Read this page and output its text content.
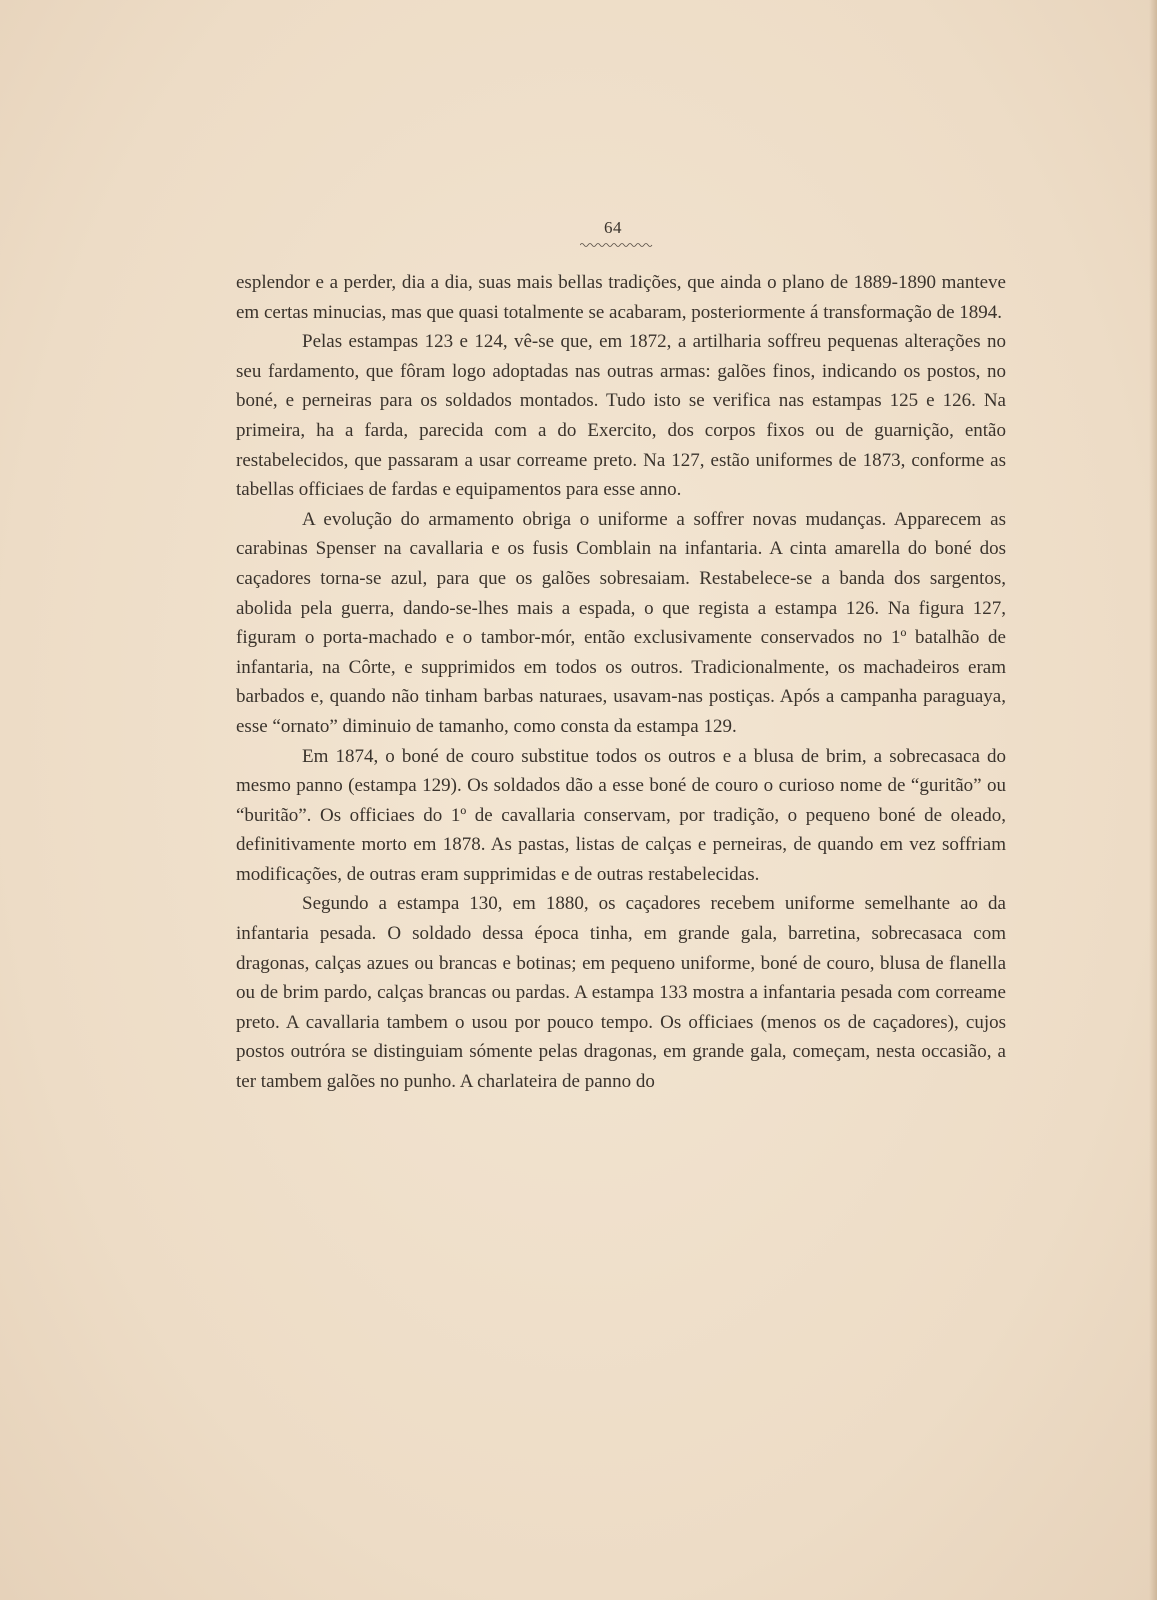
64

esplendor e a perder, dia a dia, suas mais bellas tradições, que ainda o plano de 1889-1890 manteve em certas minucias, mas que quasi totalmente se acabaram, posteriormente á transformação de 1894.

Pelas estampas 123 e 124, vê-se que, em 1872, a artilharia soffreu pequenas alterações no seu fardamento, que fôram logo adoptadas nas outras armas: galões finos, indicando os postos, no boné, e perneiras para os soldados montados. Tudo isto se verifica nas estampas 125 e 126. Na primeira, ha a farda, parecida com a do Exercito, dos corpos fixos ou de guarnição, então restabelecidos, que passaram a usar correame preto. Na 127, estão uniformes de 1873, conforme as tabellas officiaes de fardas e equipamentos para esse anno.

A evolução do armamento obriga o uniforme a soffrer novas mudanças. Apparecem as carabinas Spenser na cavallaria e os fusis Comblain na infantaria. A cinta amarella do boné dos caçadores torna-se azul, para que os galões sobresaiam. Restabelece-se a banda dos sargentos, abolida pela guerra, dando-se-lhes mais a espada, o que regista a estampa 126. Na figura 127, figuram o porta-machado e o tambor-mór, então exclusivamente conservados no 1º batalhão de infantaria, na Côrte, e supprimidos em todos os outros. Tradicionalmente, os machadeiros eram barbados e, quando não tinham barbas naturaes, usavam-nas postiças. Após a campanha paraguaya, esse “ornato” diminuio de tamanho, como consta da estampa 129.

Em 1874, o boné de couro substitue todos os outros e a blusa de brim, a sobrecasaca do mesmo panno (estampa 129). Os soldados dão a esse boné de couro o curioso nome de “guritão” ou “buritão”. Os officiaes do 1º de cavallaria conservam, por tradição, o pequeno boné de oleado, definitivamente morto em 1878. As pastas, listas de calças e perneiras, de quando em vez soffriam modificações, de outras eram supprimidas e de outras restabelecidas.

Segundo a estampa 130, em 1880, os caçadores recebem uniforme semelhante ao da infantaria pesada. O soldado dessa época tinha, em grande gala, barretina, sobrecasaca com dragonas, calças azues ou brancas e botinas; em pequeno uniforme, boné de couro, blusa de flanella ou de brim pardo, calças brancas ou pardas. A estampa 133 mostra a infantaria pesada com correame preto. A cavallaria tambem o usou por pouco tempo. Os officiaes (menos os de caçadores), cujos postos outróra se distinguiam sómente pelas dragonas, em grande gala, começam, nesta occasião, a ter tambem galões no punho. A charlateira de panno do
